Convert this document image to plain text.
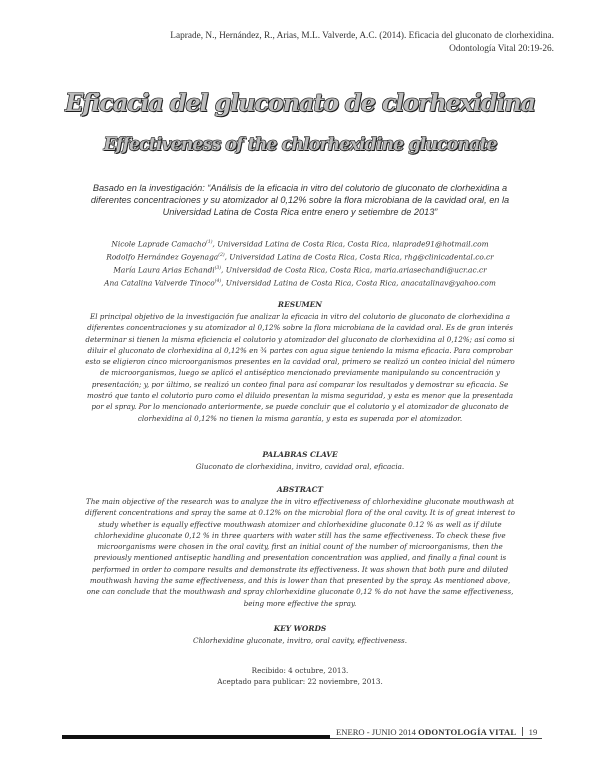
Laprade, N., Hernández, R., Arias, M.L. Valverde, A.C. (2014). Eficacia del gluconato de clorhexidina.
Odontología Vital 20:19-26.
Eficacia del gluconato de clorhexidina
Effectiveness of the chlorhexidine gluconate
Basado en la investigación: “Análisis de la eficacia in vitro del colutorio de gluconato de clorhexidina a diferentes concentraciones y su atomizador al 0,12% sobre la flora microbiana de la cavidad oral, en la Universidad Latina de Costa Rica entre enero y setiembre de 2013”
Nicole Laprade Camacho$^{(1)}$, Universidad Latina de Costa Rica, Costa Rica, nlaprade91@hotmail.com
Rodolfo Hernández Goyenaga$^{(2)}$, Universidad Latina de Costa Rica, Costa Rica, rhg@clinicadental.co.cr
María Laura Arias Echandi$^{(3)}$, Universidad de Costa Rica, Costa Rica, maria.ariasechandi@ucr.ac.cr
Ana Catalina Valverde Tinoco$^{(4)}$, Universidad Latina de Costa Rica, Costa Rica, anacatalinav@yahoo.com
RESUMEN
El principal objetivo de la investigación fue analizar la eficacia in vitro del colutorio de gluconato de clorhexidina a diferentes concentraciones y su atomizador al 0,12% sobre la flora microbiana de la cavidad oral. Es de gran interés determinar si tienen la misma eficiencia el colutorio y atomizador del gluconato de clorhexidina al 0,12%; así como si diluir el gluconato de clorhexidina al 0,12% en ¾ partes con agua sigue teniendo la misma eficacia. Para comprobar esto se eligieron cinco microorganismos presentes en la cavidad oral, primero se realizó un conteo inicial del número de microorganismos, luego se aplicó el antiséptico mencionado previamente manipulando su concentración y presentación; y, por último, se realizó un conteo final para así comparar los resultados y demostrar su eficacia. Se mostró que tanto el colutorio puro como el diluido presentan la misma seguridad, y esta es menor que la presentada por el spray. Por lo mencionado anteriormente, se puede concluir que el colutorio y el atomizador de gluconato de clorhexidina al 0,12% no tienen la misma garantía, y esta es superada por el atomizador.
PALABRAS CLAVE
Gluconato de clorhexidina, invitro, cavidad oral, eficacia.
ABSTRACT
The main objective of the research was to analyze the in vitro effectiveness of chlorhexidine gluconate mouthwash at different concentrations and spray the same at 0.12% on the microbial flora of the oral cavity. It is of great interest to study whether is equally effective mouthwash atomizer and chlorhexidine gluconate 0.12 % as well as if dilute chlorhexidine gluconate 0,12 % in three quarters with water still has the same effectiveness. To check these five microorganisms were chosen in the oral cavity, first an initial count of the number of microorganisms, then the previously mentioned antiseptic handling and presentation concentration was applied, and finally a final count is performed in order to compare results and demonstrate its effectiveness. It was shown that both pure and diluted mouthwash having the same effectiveness, and this is lower than that presented by the spray. As mentioned above, one can conclude that the mouthwash and spray chlorhexidine gluconate 0,12 % do not have the same effectiveness, being more effective the spray.
KEY WORDS
Chlorhexidine gluconate, invitro, oral cavity, effectiveness.
Recibido: 4 octubre, 2013.
Aceptado para publicar: 22 noviembre, 2013.
ENERO - JUNIO 2014 ODONTOLOGÍA VITAL 19
